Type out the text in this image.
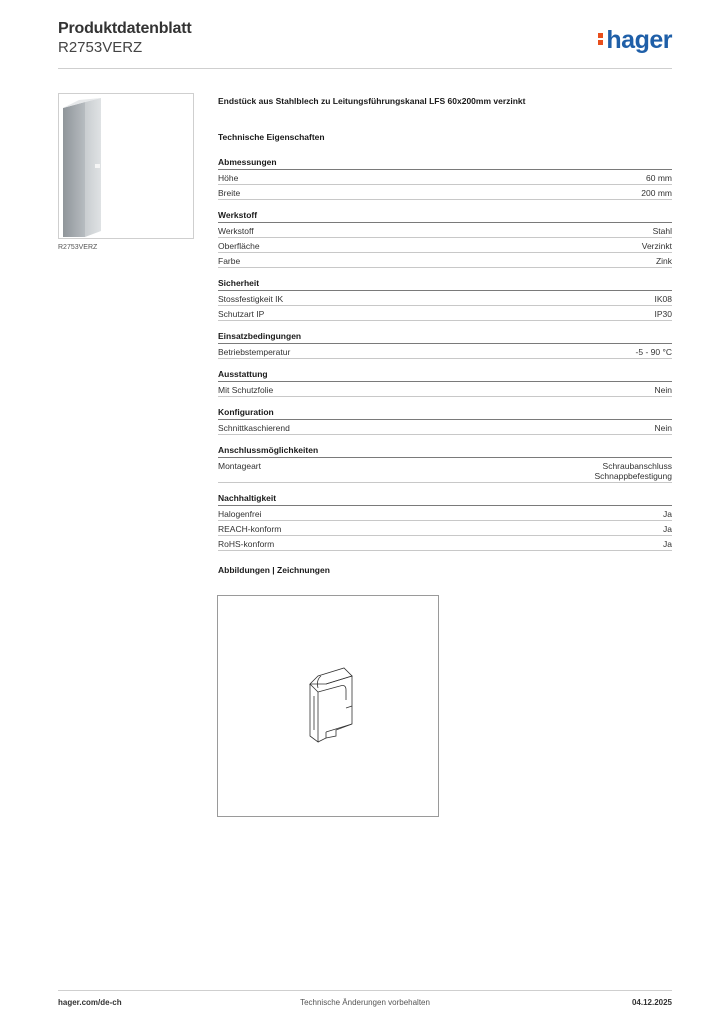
Produktdatenblatt
R2753VERZ	hager
R2753VERZ
Endstück aus Stahlblech zu Leitungsführungskanal LFS 60x200mm verzinkt
Technische Eigenschaften
Abmessungen
Höhe	60 mm
Breite	200 mm
Werkstoff
Werkstoff	Stahl
Oberfläche	Verzinkt
Farbe	Zink
Sicherheit
Stossfestigkeit IK	IK08
Schutzart IP	IP30
Einsatzbedingungen
Betriebstemperatur	-5 - 90 °C
Ausstattung
Mit Schutzfolie	Nein
Konfiguration
Schnittkaschierend	Nein
Anschlussmöglichkeiten
Montageart	Schraubanschluss
Schnappbefestigung
Nachhaltigkeit
Halogenfrei	Ja
REACH-konform	Ja
RoHS-konform	Ja
Abbildungen | Zeichnungen
hager.com/de-ch	Technische Änderungen vorbehalten	04.12.2025
